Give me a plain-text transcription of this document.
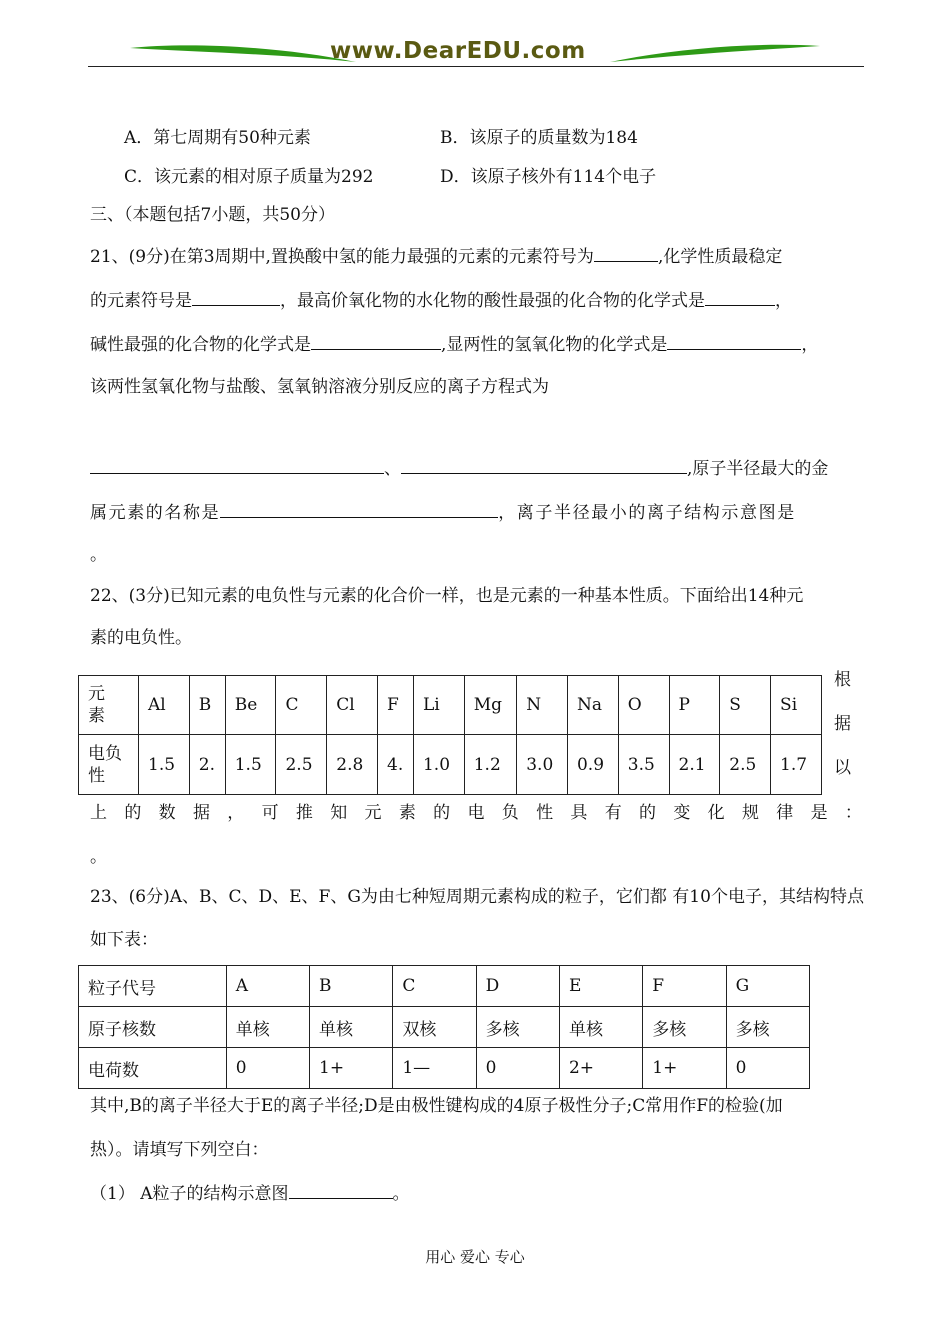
www.DearEDU.com
A．第七周期有50种元素	B．该原子的质量数为184
C．该元素的相对原子质量为292	D．该原子核外有114个电子
三、（本题包括7小题，共50分）
21、(9分)在第3周期中,置换酸中氢的能力最强的元素的元素符号为	,化学性质最稳定
的元素符号是	，最高价氧化物的水化物的酸性最强的化合物的化学式是	，
碱性最强的化合物的化学式是	,显两性的氢氧化物的化学式是	，
该两性氢氧化物与盐酸、氢氧钠溶液分别反应的离子方程式为
、	,原子半径最大的金
属元素的名称是	，离子半径最小的离子结构示意图是
。
22、(3分)已知元素的电负性与元素的化合价一样，也是元素的一种基本性质。下面给出14种元
素的电负性。
元
素	Al	B	Be	C	Cl	F	Li	Mg	N	Na	O	P	S	Si
电负
性	1.5	2.	1.5	2.5	2.8	4.	1.0	1.2	3.0	0.9	3.5	2.1	2.5	1.7
根
据
以
上 的 数 据 ， 可 推 知 元 素 的 电 负 性 具 有 的 变 化 规 律 是 ：
。
23、(6分)A、B、C、D、E、F、G为由七种短周期元素构成的粒子，它们都 有10个电子，其结构特点
如下表：
粒子代号	A	B	C	D	E	F	G
原子核数	单核	单核	双核	多核	单核	多核	多核
电荷数	0	1+	1—	0	2+	1+	0
其中,B的离子半径大于E的离子半径;D是由极性键构成的4原子极性分子;C常用作F的检验(加
热）。请填写下列空白：
（1） A粒子的结构示意图	。
用心 爱心 专心
